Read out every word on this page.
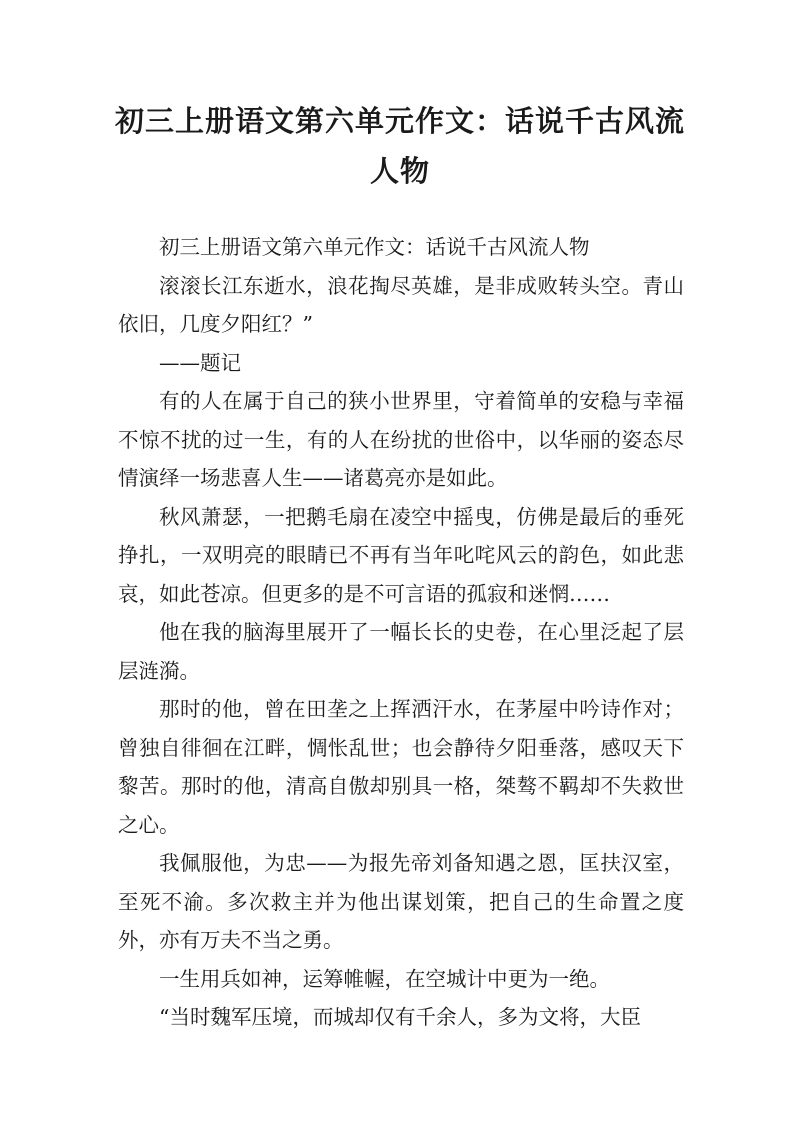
初三上册语文第六单元作文：话说千古风流
人物

初三上册语文第六单元作文：话说千古风流人物

滚滚长江东逝水，浪花掏尽英雄，是非成败转头空。青山依旧，几度夕阳红？”

——题记

有的人在属于自己的狭小世界里，守着简单的安稳与幸福不惊不扰的过一生，有的人在纷扰的世俗中，以华丽的姿态尽情演绎一场悲喜人生——诸葛亮亦是如此。

秋风萧瑟，一把鹅毛扇在凌空中摇曳，仿佛是最后的垂死挣扎，一双明亮的眼睛已不再有当年叱咤风云的韵色，如此悲哀，如此苍凉。但更多的是不可言语的孤寂和迷惘……

他在我的脑海里展开了一幅长长的史卷，在心里泛起了层层涟漪。

那时的他，曾在田垄之上挥洒汗水，在茅屋中吟诗作对；曾独自徘徊在江畔，惆怅乱世；也会静待夕阳垂落，感叹天下黎苦。那时的他，清高自傲却别具一格，桀骜不羁却不失救世之心。

我佩服他，为忠——为报先帝刘备知遇之恩，匡扶汉室，至死不渝。多次救主并为他出谋划策，把自己的生命置之度外，亦有万夫不当之勇。

一生用兵如神，运筹帷幄，在空城计中更为一绝。

“当时魏军压境，而城却仅有千余人，多为文将，大臣
